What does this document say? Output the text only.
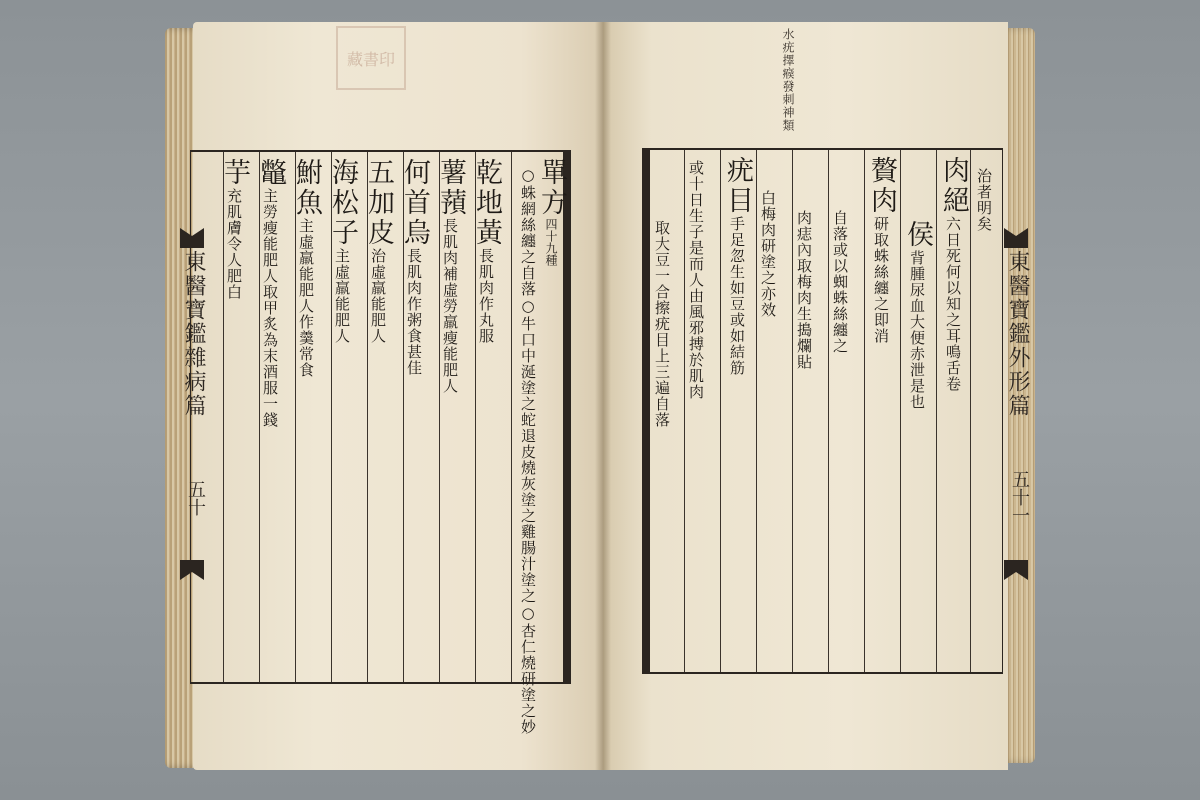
藏書印
東醫寶鑑雜病篇
五十
單方四十九種
○蛛網絲纏之自落○牛口中涎塗之蛇退皮燒灰塗之雞腸汁塗之○杏仁燒研塗之妙
乾地黃長肌肉作丸服
薯蕷長肌肉補虛勞羸瘦能肥人
何首烏長肌肉作粥食甚佳
五加皮治虛羸能肥人
海松子主虛羸能肥人
鮒魚主虛羸能肥人作羹常食
鼈主勞瘦能肥人取甲炙為末酒服一錢
芋充肌膚令人肥白
水疣擇瘊發刺神類
東醫寶鑑外形篇
五十一
治者明矣
肉絕六日死何以知之耳鳴舌卷
侯背腫尿血大便赤泄是也
贅肉研取蛛絲纏之即消
自落或以蜘蛛絲纏之
肉痣內取梅肉生搗爛貼
白梅肉研塗之亦效
疣目手足忽生如豆或如結筋
或十日生子是而人由風邪搏於肌肉
取大豆一合擦疣目上三遍自落
